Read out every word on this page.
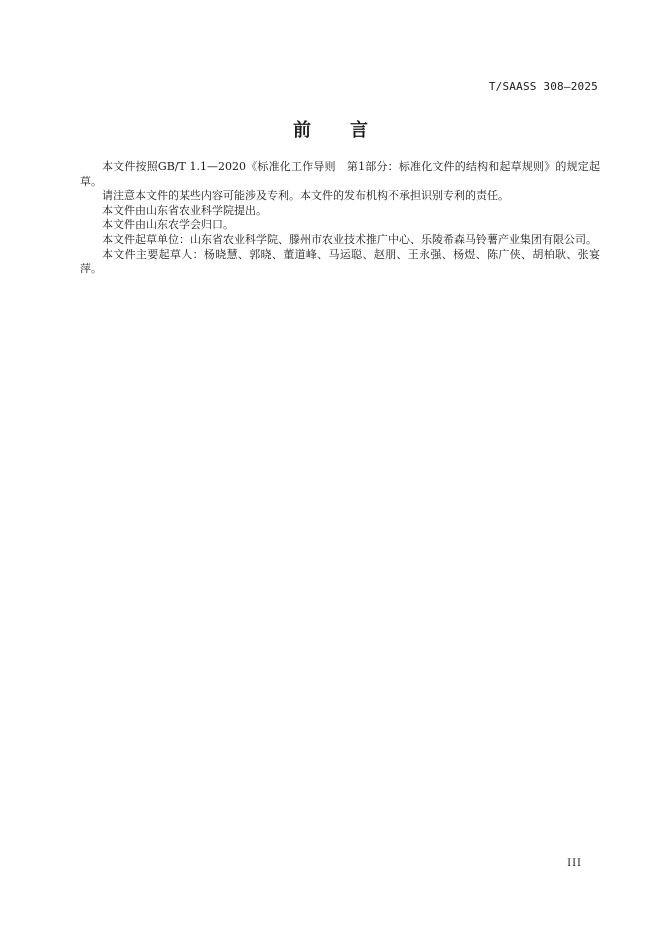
T/SAASS 308—2025
前　　言

本文件按照GB/T 1.1—2020《标准化工作导则　第1部分：标准化文件的结构和起草规则》的规定起草。

请注意本文件的某些内容可能涉及专利。本文件的发布机构不承担识别专利的责任。

本文件由山东省农业科学院提出。

本文件由山东农学会归口。

本文件起草单位：山东省农业科学院、滕州市农业技术推广中心、乐陵希森马铃薯产业集团有限公司。

本文件主要起草人：杨晓慧、郭晓、董道峰、马运聪、赵朋、王永强、杨煜、陈广侠、胡柏耿、张宴萍。

III
